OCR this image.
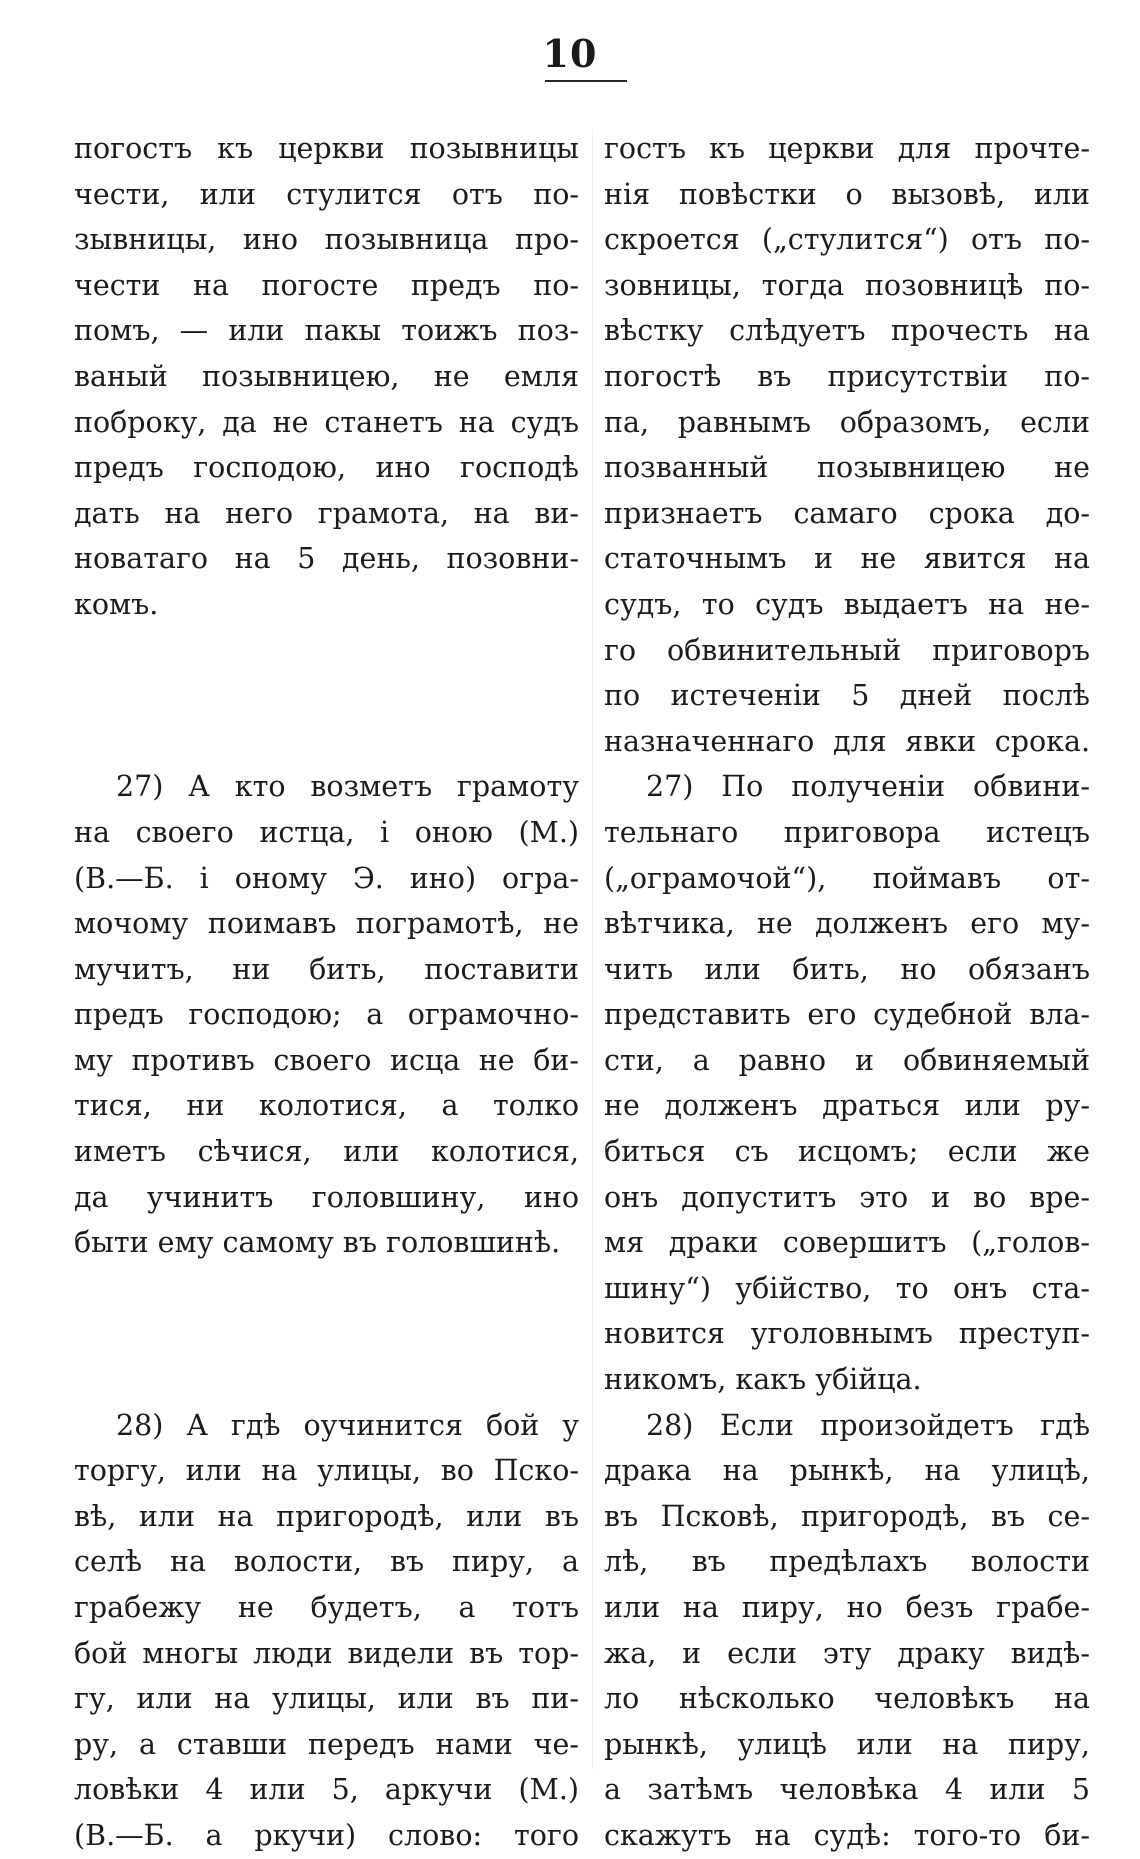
10
погостъ къ церкви позывницы
чести, или стулится отъ по-
зывницы, ино позывница про-
чести на погосте предъ по-
помъ, — или пакы тоижъ поз-
ваный позывницею, не емля
поброку, да не станетъ на судъ
предъ господою, ино господѣ
дать на него грамота, на ви-
новатаго на 5 день, позовни-
комъ.
27) А кто возметъ грамоту
на своего истца, і оною (М.)
(В.—Б. і оному Э. ино) огра-
мочому поимавъ пограмотѣ, не
мучитъ, ни бить, поставити
предъ господою; а ограмочно-
му противъ своего исца не би-
тися, ни колотися, а толко
иметъ сѣчися, или колотися,
да учинитъ головшину, ино
быти ему самому въ головшинѣ.
28) А гдѣ оучинится бой у
торгу, или на улицы, во Пско-
вѣ, или на пригородѣ, или въ
селѣ на волости, въ пиру, а
грабежу не будетъ, а тотъ
бой многы люди видели въ тор-
гу, или на улицы, или въ пи-
ру, а ставши передъ нами че-
ловѣки 4 или 5, аркучи (М.)
(В.—Б. а ркучи) слово: того
гостъ къ церкви для прочте-
нія повѣстки о вызовѣ, или
скроется („стулится“) отъ по-
зовницы, тогда позовницѣ по-
вѣстку слѣдуетъ прочесть на
погостѣ въ присутствіи по-
па, равнымъ образомъ, если
позванный позывницею не
признаетъ самаго срока до-
статочнымъ и не явится на
судъ, то судъ выдаетъ на не-
го обвинительный приговоръ
по истеченіи 5 дней послѣ
назначеннаго для явки срока.
27) По полученіи обвини-
тельнаго приговора истецъ
(„ограмочой“), поймавъ от-
вѣтчика, не долженъ его му-
чить или бить, но обязанъ
представить его судебной вла-
сти, а равно и обвиняемый
не долженъ драться или ру-
биться съ исцомъ; если же
онъ допуститъ это и во вре-
мя драки совершитъ („голов-
шину“) убійство, то онъ ста-
новится уголовнымъ преступ-
никомъ, какъ убійца.
28) Если произойдетъ гдѣ
драка на рынкѣ, на улицѣ,
въ Псковѣ, пригородѣ, въ се-
лѣ, въ предѣлахъ волости
или на пиру, но безъ грабе-
жа, и если эту драку видѣ-
ло нѣсколько человѣкъ на
рынкѣ, улицѣ или на пиру,
а затѣмъ человѣка 4 или 5
скажутъ на судѣ: того-то би-
